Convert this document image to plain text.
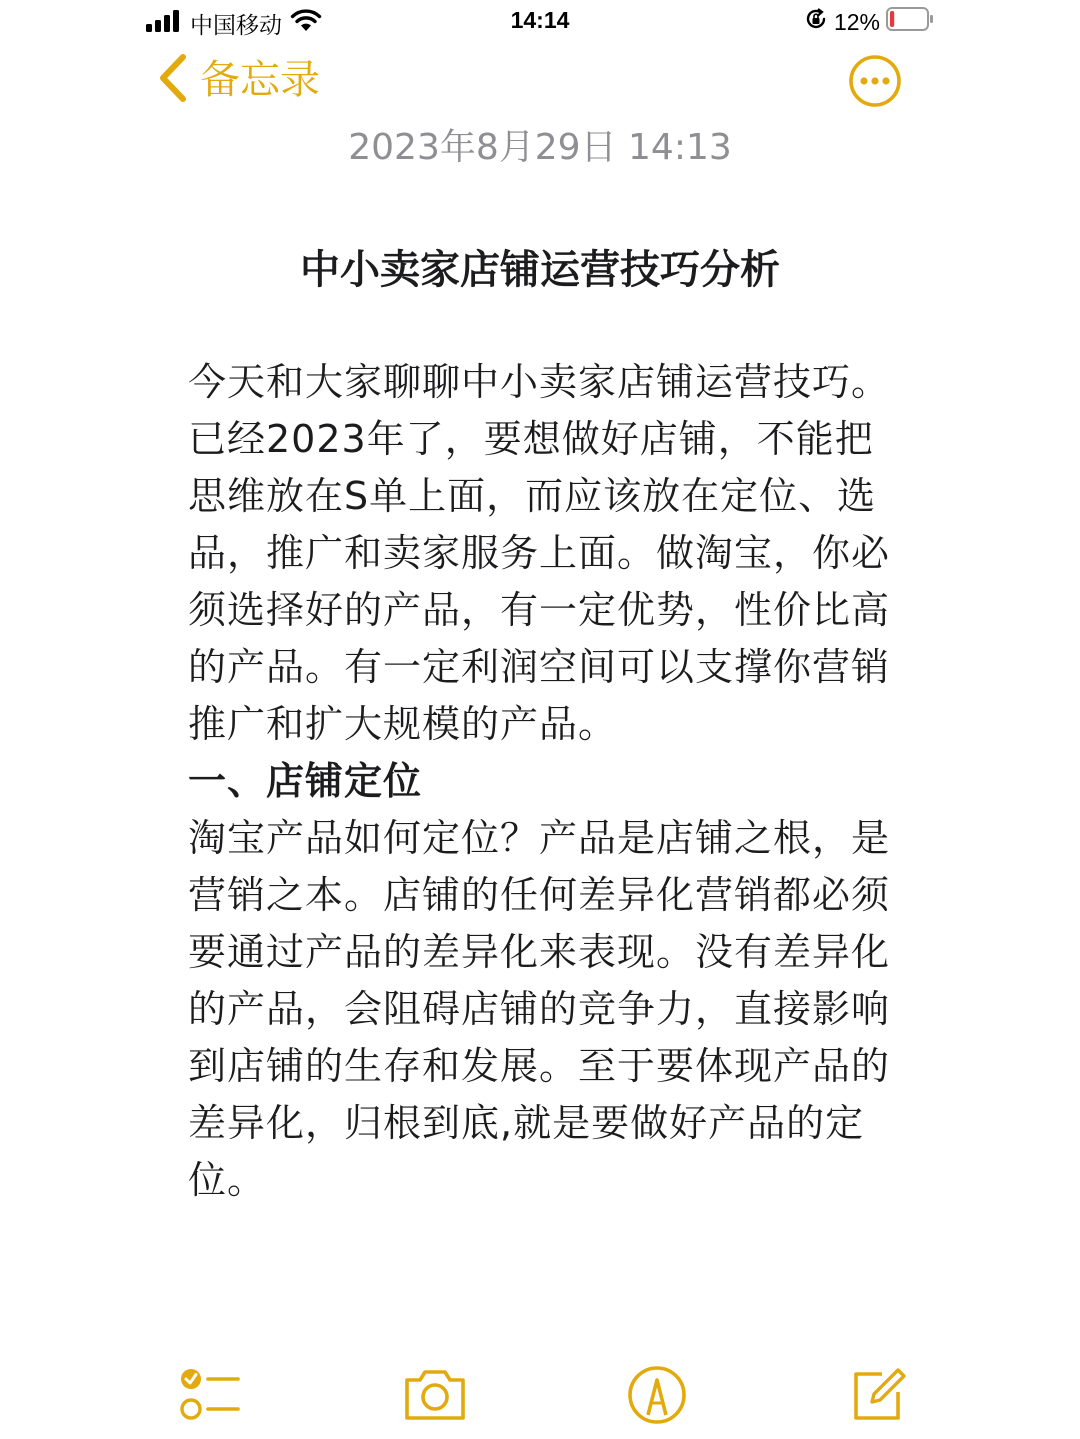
中国移动	14:14	12%
备忘录
2023年8月29日 14:13
中小卖家店铺运营技巧分析

今天和大家聊聊中小卖家店铺运营技巧。已经2023年了，要想做好店铺，不能把思维放在S单上面，而应该放在定位、选品，推广和卖家服务上面。做淘宝，你必须选择好的产品，有一定优势，性价比高的产品。有一定利润空间可以支撑你营销推广和扩大规模的产品。

一、店铺定位

淘宝产品如何定位？产品是店铺之根，是营销之本。店铺的任何差异化营销都必须要通过产品的差异化来表现。没有差异化的产品，会阻碍店铺的竞争力，直接影响到店铺的生存和发展。至于要体现产品的差异化，归根到底,就是要做好产品的定位。
